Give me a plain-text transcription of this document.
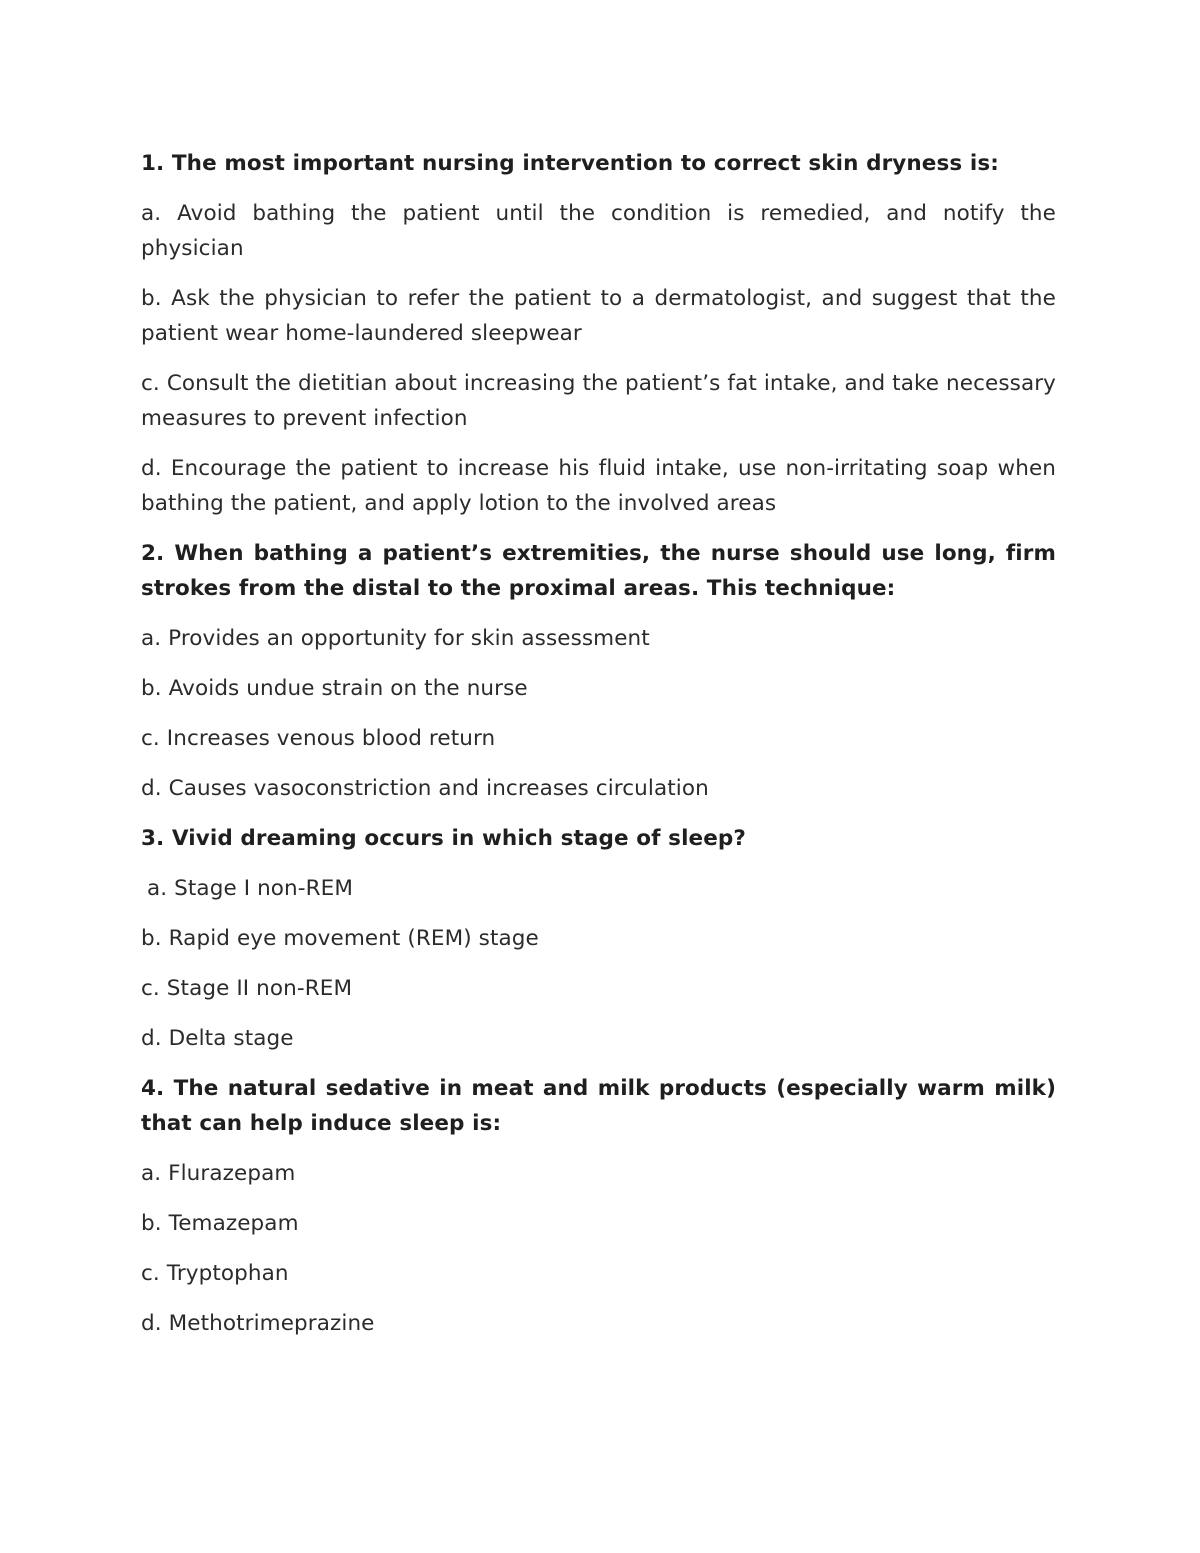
1. The most important nursing intervention to correct skin dryness is:

a. Avoid bathing the patient until the condition is remedied, and notify the physician

b. Ask the physician to refer the patient to a dermatologist, and suggest that the patient wear home-laundered sleepwear

c. Consult the dietitian about increasing the patient’s fat intake, and take necessary measures to prevent infection

d. Encourage the patient to increase his fluid intake, use non-irritating soap when bathing the patient, and apply lotion to the involved areas

2. When bathing a patient’s extremities, the nurse should use long, firm strokes from the distal to the proximal areas. This technique:

a. Provides an opportunity for skin assessment

b. Avoids undue strain on the nurse

c. Increases venous blood return

d. Causes vasoconstriction and increases circulation

3. Vivid dreaming occurs in which stage of sleep?

a. Stage I non-REM

b. Rapid eye movement (REM) stage

c. Stage II non-REM

d. Delta stage

4. The natural sedative in meat and milk products (especially warm milk) that can help induce sleep is:

a. Flurazepam

b. Temazepam

c. Tryptophan

d. Methotrimeprazine
